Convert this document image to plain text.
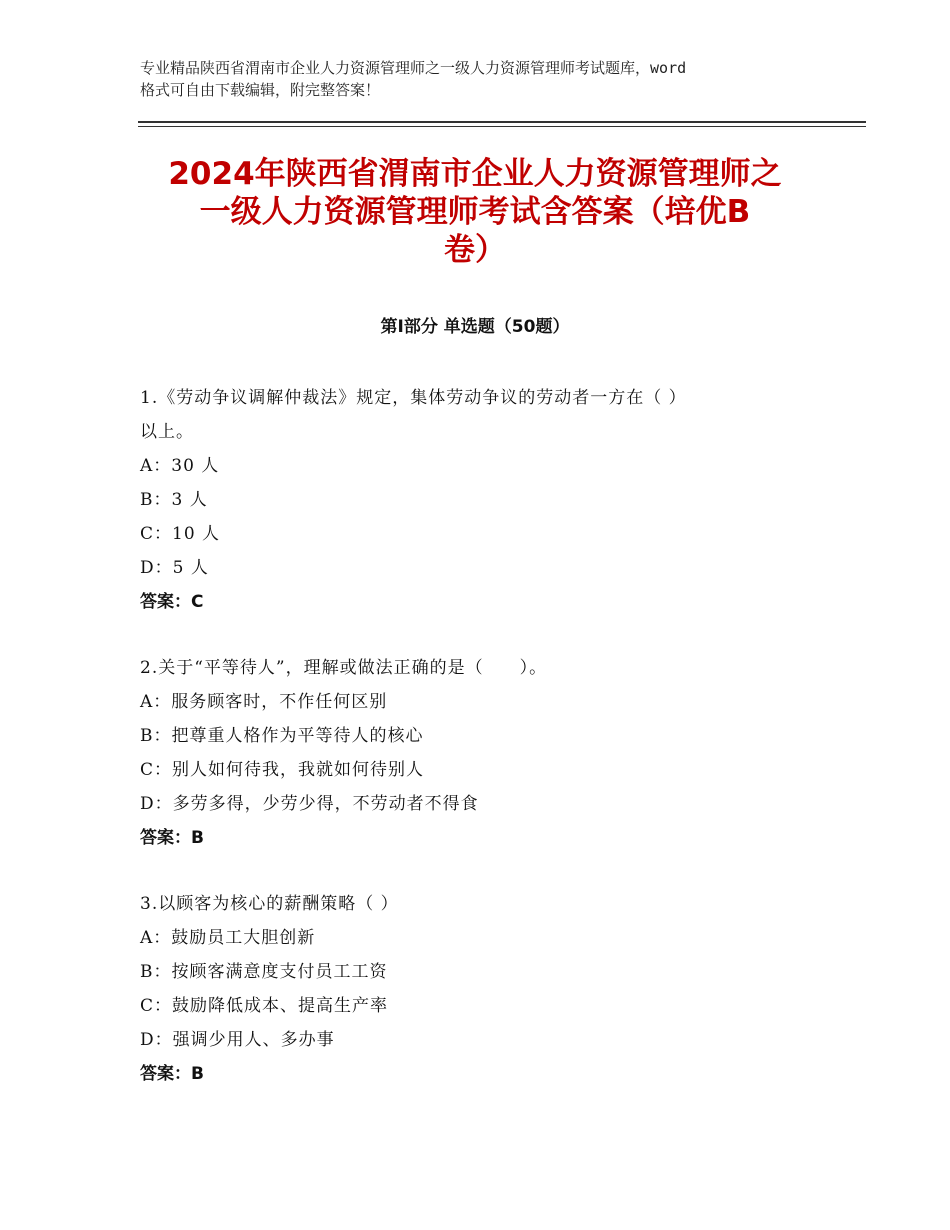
专业精品陕西省渭南市企业人力资源管理师之一级人力资源管理师考试题库，word
格式可自由下载编辑，附完整答案！
2024年陕西省渭南市企业人力资源管理师之
一级人力资源管理师考试含答案（培优B
卷）
第Ⅰ部分 单选题（50题）
1.《劳动争议调解仲裁法》规定，集体劳动争议的劳动者一方在（ ）
以上。
A：30 人
B：3 人
C：10 人
D：5 人
答案：C
2.关于“平等待人”，理解或做法正确的是（　　）。
A：服务顾客时，不作任何区别
B：把尊重人格作为平等待人的核心
C：别人如何待我，我就如何待别人
D：多劳多得，少劳少得，不劳动者不得食
答案：B
3.以顾客为核心的薪酬策略（ ）
A：鼓励员工大胆创新
B：按顾客满意度支付员工工资
C：鼓励降低成本、提高生产率
D：强调少用人、多办事
答案：B
